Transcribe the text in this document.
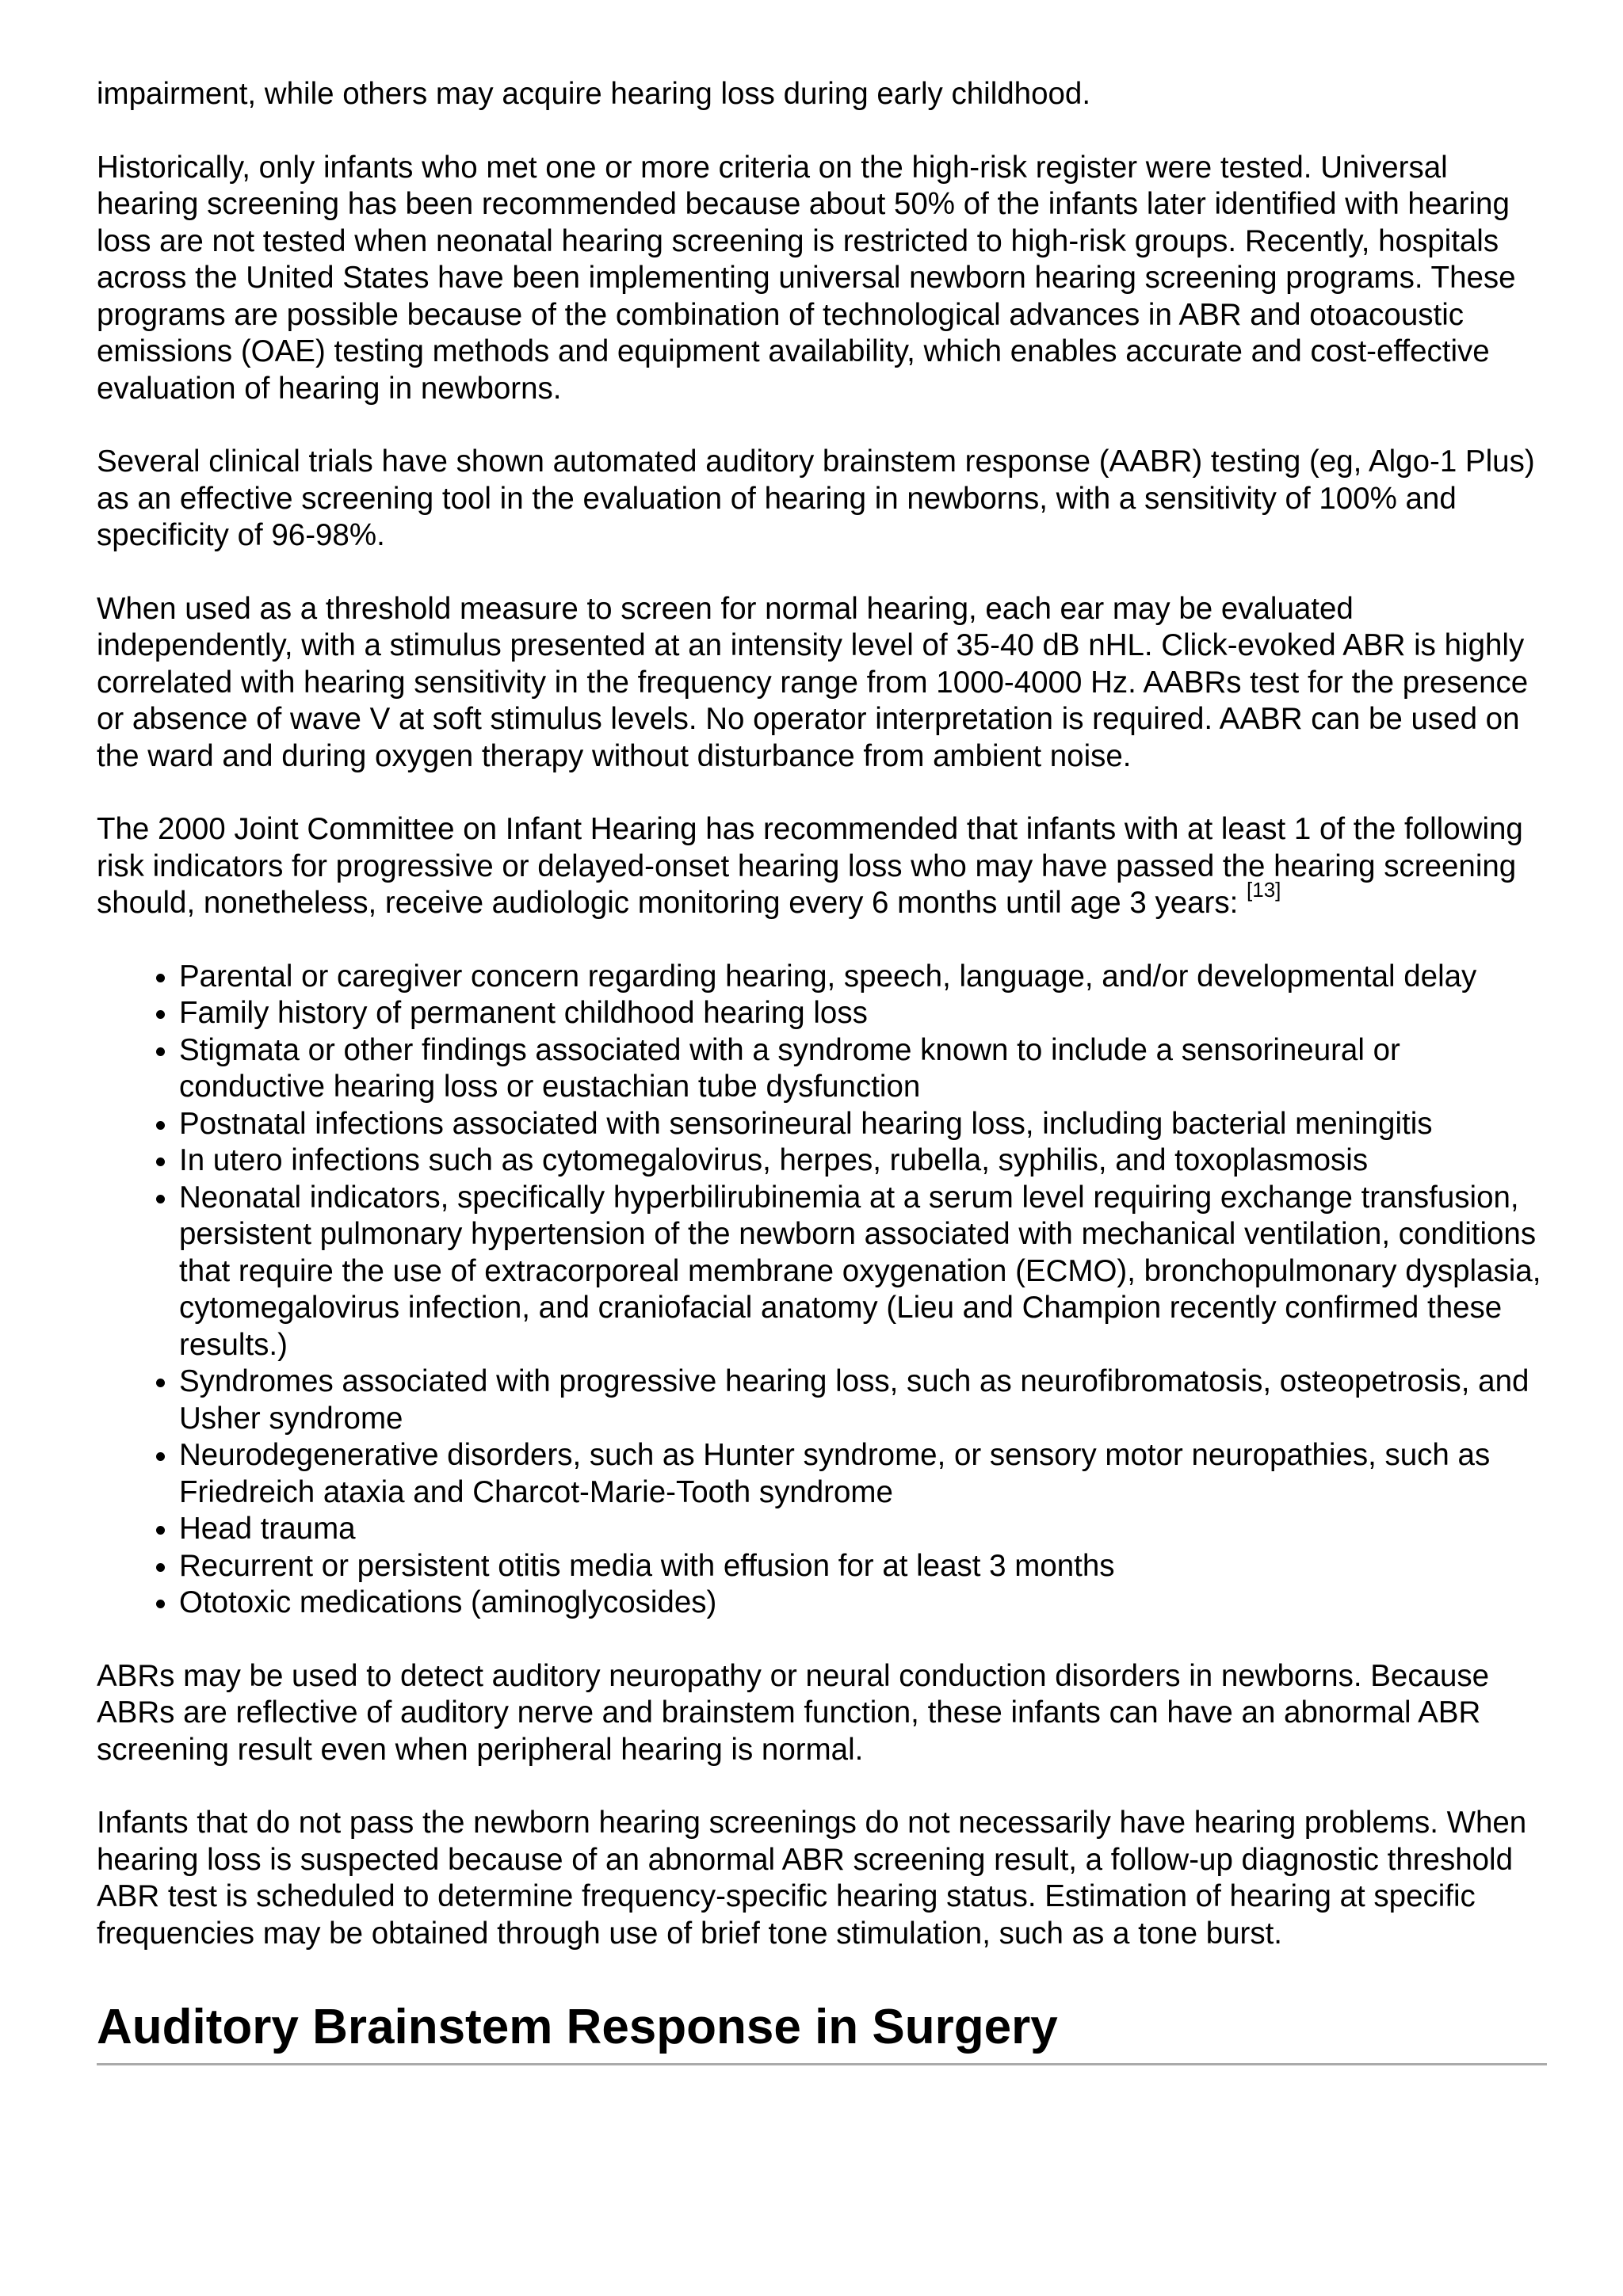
impairment, while others may acquire hearing loss during early childhood.

Historically, only infants who met one or more criteria on the high-risk register were tested. Universal hearing screening has been recommended because about 50% of the infants later identified with hearing loss are not tested when neonatal hearing screening is restricted to high-risk groups. Recently, hospitals across the United States have been implementing universal newborn hearing screening programs. These programs are possible because of the combination of technological advances in ABR and otoacoustic emissions (OAE) testing methods and equipment availability, which enables accurate and cost-effective evaluation of hearing in newborns.

Several clinical trials have shown automated auditory brainstem response (AABR) testing (eg, Algo-1 Plus) as an effective screening tool in the evaluation of hearing in newborns, with a sensitivity of 100% and specificity of 96-98%.

When used as a threshold measure to screen for normal hearing, each ear may be evaluated independently, with a stimulus presented at an intensity level of 35-40 dB nHL. Click-evoked ABR is highly correlated with hearing sensitivity in the frequency range from 1000-4000 Hz. AABRs test for the presence or absence of wave V at soft stimulus levels. No operator interpretation is required. AABR can be used on the ward and during oxygen therapy without disturbance from ambient noise.

The 2000 Joint Committee on Infant Hearing has recommended that infants with at least 1 of the following risk indicators for progressive or delayed-onset hearing loss who may have passed the hearing screening should, nonetheless, receive audiologic monitoring every 6 months until age 3 years: [13]

• Parental or caregiver concern regarding hearing, speech, language, and/or developmental delay
• Family history of permanent childhood hearing loss
• Stigmata or other findings associated with a syndrome known to include a sensorineural or conductive hearing loss or eustachian tube dysfunction
• Postnatal infections associated with sensorineural hearing loss, including bacterial meningitis
• In utero infections such as cytomegalovirus, herpes, rubella, syphilis, and toxoplasmosis
• Neonatal indicators, specifically hyperbilirubinemia at a serum level requiring exchange transfusion, persistent pulmonary hypertension of the newborn associated with mechanical ventilation, conditions that require the use of extracorporeal membrane oxygenation (ECMO), bronchopulmonary dysplasia, cytomegalovirus infection, and craniofacial anatomy (Lieu and Champion recently confirmed these results.)
• Syndromes associated with progressive hearing loss, such as neurofibromatosis, osteopetrosis, and Usher syndrome
• Neurodegenerative disorders, such as Hunter syndrome, or sensory motor neuropathies, such as Friedreich ataxia and Charcot-Marie-Tooth syndrome
• Head trauma
• Recurrent or persistent otitis media with effusion for at least 3 months
• Ototoxic medications (aminoglycosides)

ABRs may be used to detect auditory neuropathy or neural conduction disorders in newborns. Because ABRs are reflective of auditory nerve and brainstem function, these infants can have an abnormal ABR screening result even when peripheral hearing is normal.

Infants that do not pass the newborn hearing screenings do not necessarily have hearing problems. When hearing loss is suspected because of an abnormal ABR screening result, a follow-up diagnostic threshold ABR test is scheduled to determine frequency-specific hearing status. Estimation of hearing at specific frequencies may be obtained through use of brief tone stimulation, such as a tone burst.

Auditory Brainstem Response in Surgery
